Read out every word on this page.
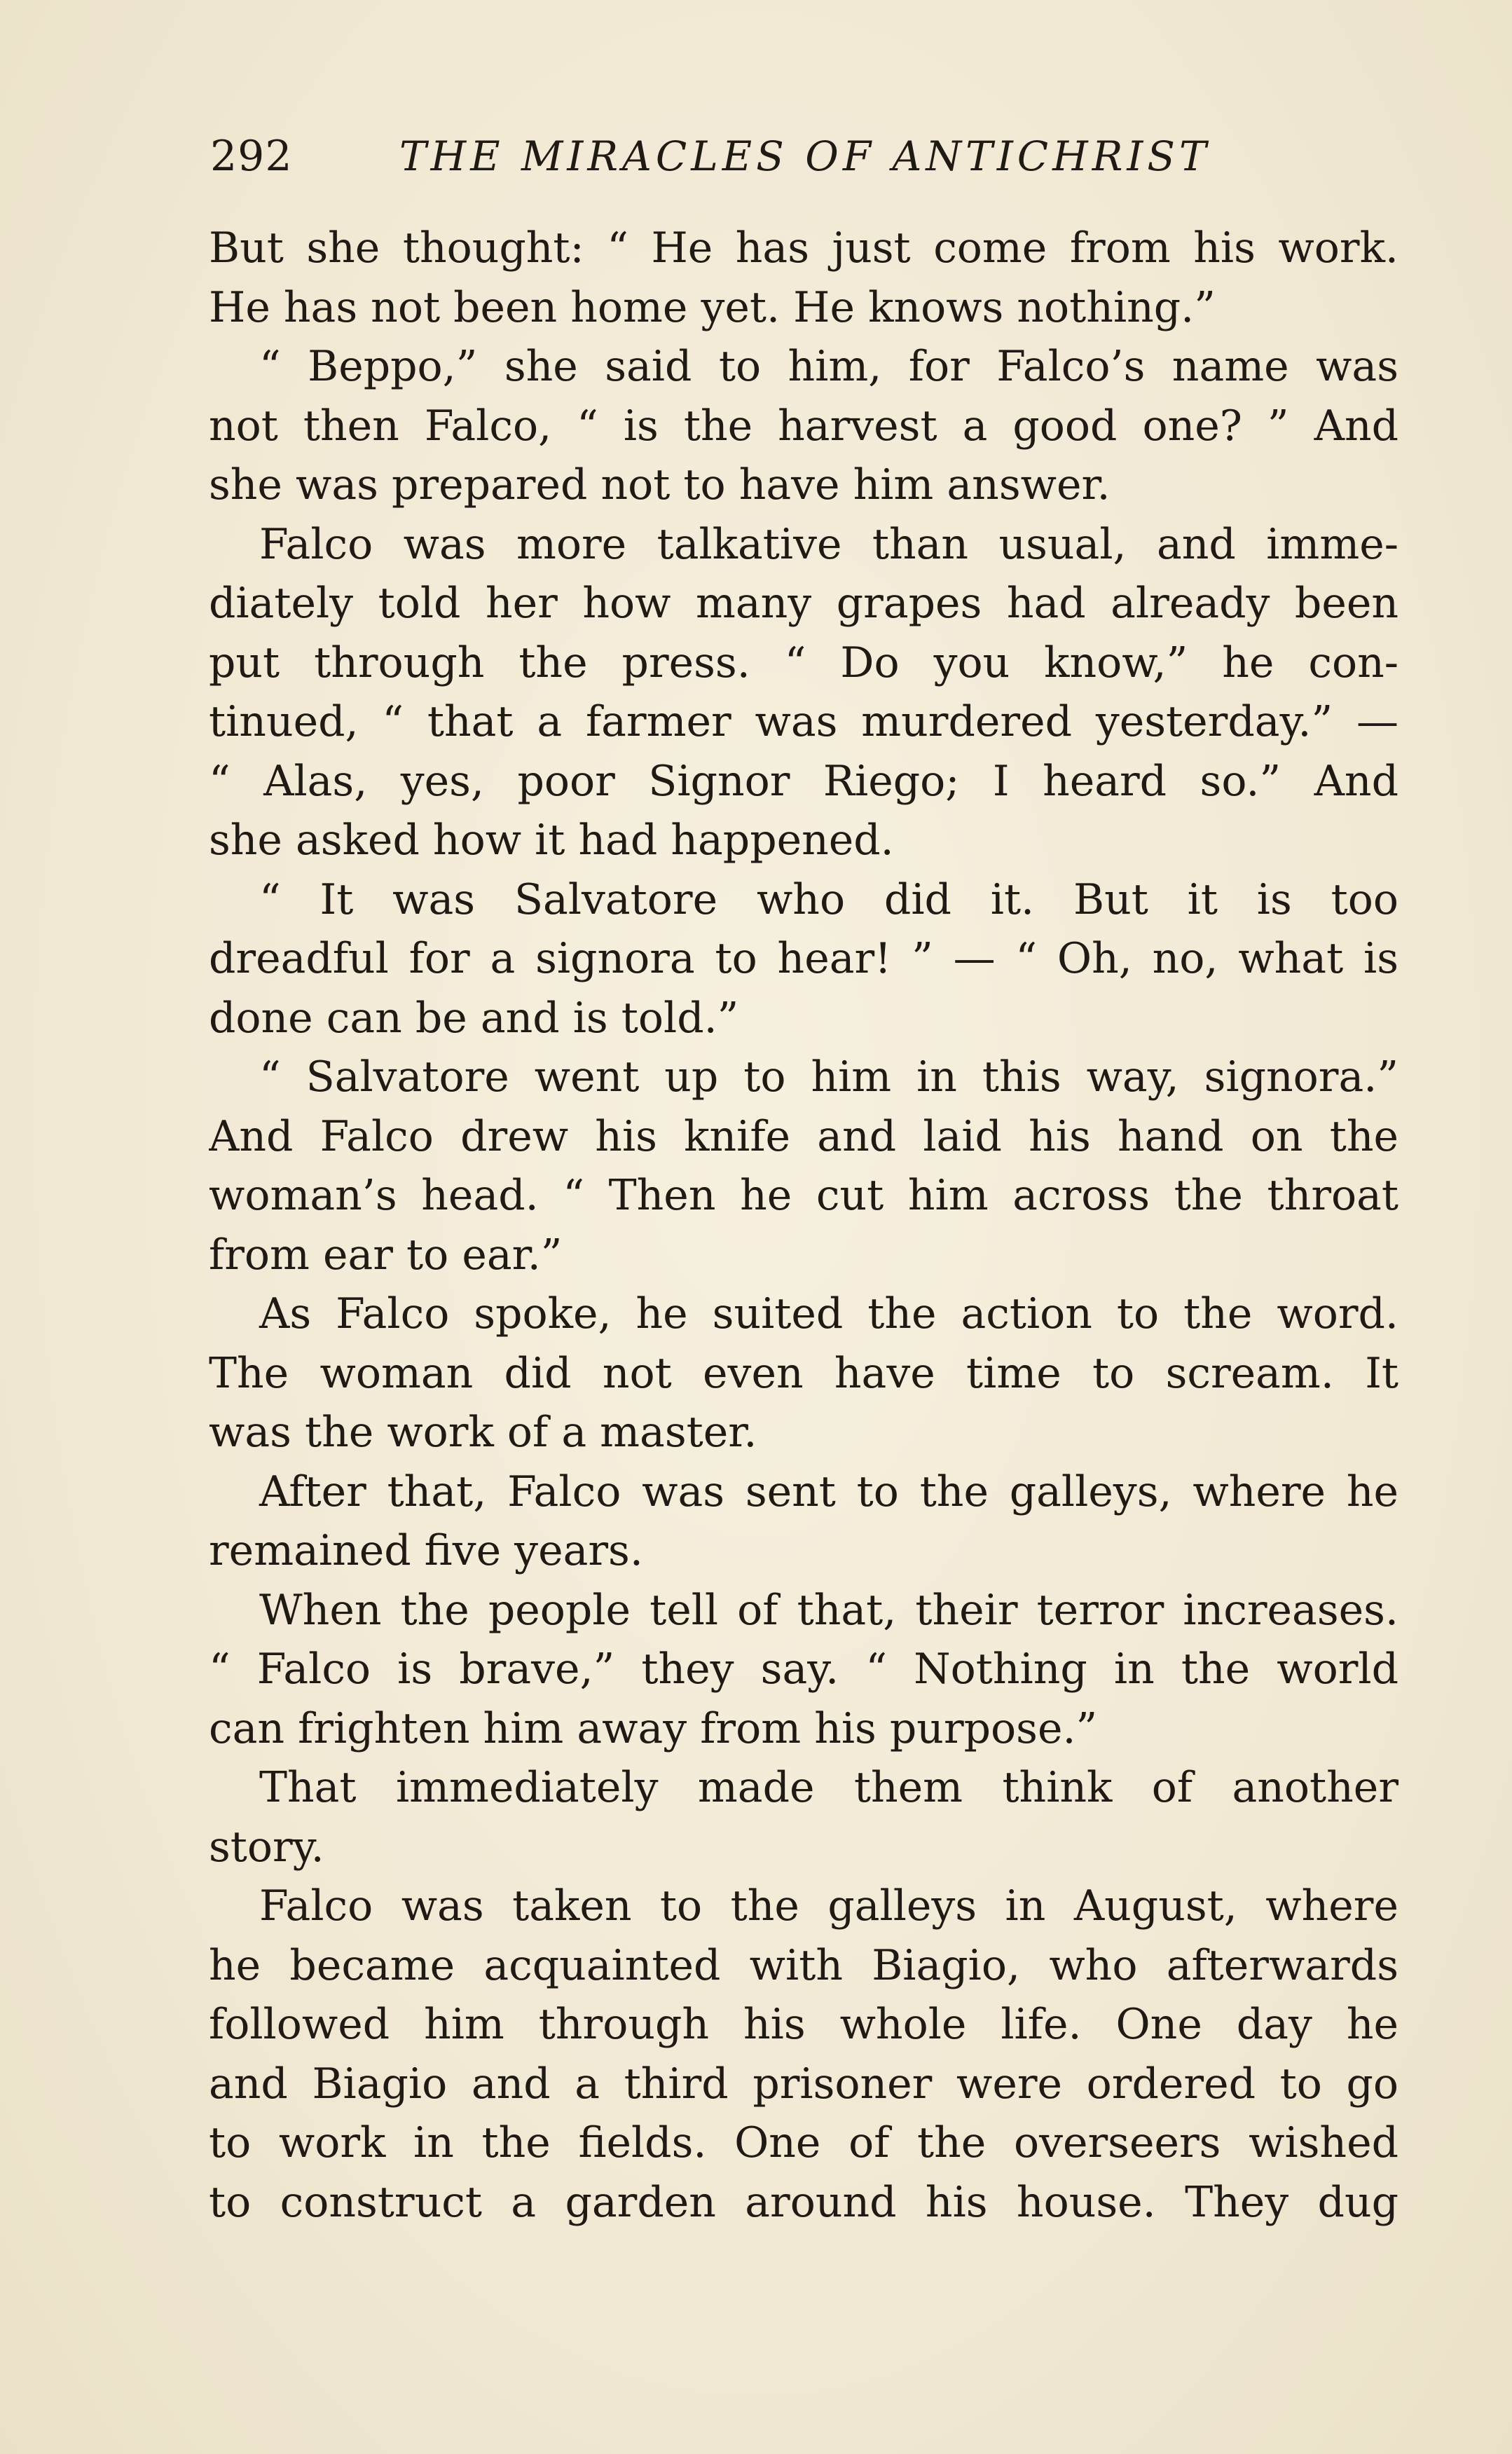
292	THE MIRACLES OF ANTICHRIST
But she thought: “ He has just come from his work.
He has not been home yet. He knows nothing.”
“ Beppo,” she said to him, for Falco’s name was
not then Falco, “ is the harvest a good one? ” And
she was prepared not to have him answer.
Falco was more talkative than usual, and imme-
diately told her how many grapes had already been
put through the press. “ Do you know,” he con-
tinued, “ that a farmer was murdered yesterday.” —
“ Alas, yes, poor Signor Riego; I heard so.” And
she asked how it had happened.
“ It was Salvatore who did it. But it is too
dreadful for a signora to hear! ” — “ Oh, no, what is
done can be and is told.”
“ Salvatore went up to him in this way, signora.”
And Falco drew his knife and laid his hand on the
woman’s head. “ Then he cut him across the throat
from ear to ear.”
As Falco spoke, he suited the action to the word.
The woman did not even have time to scream. It
was the work of a master.
After that, Falco was sent to the galleys, where he
remained five years.
When the people tell of that, their terror increases.
“ Falco is brave,” they say. “ Nothing in the world
can frighten him away from his purpose.”
That immediately made them think of another
story.
Falco was taken to the galleys in August, where
he became acquainted with Biagio, who afterwards
followed him through his whole life. One day he
and Biagio and a third prisoner were ordered to go
to work in the fields. One of the overseers wished
to construct a garden around his house. They dug
